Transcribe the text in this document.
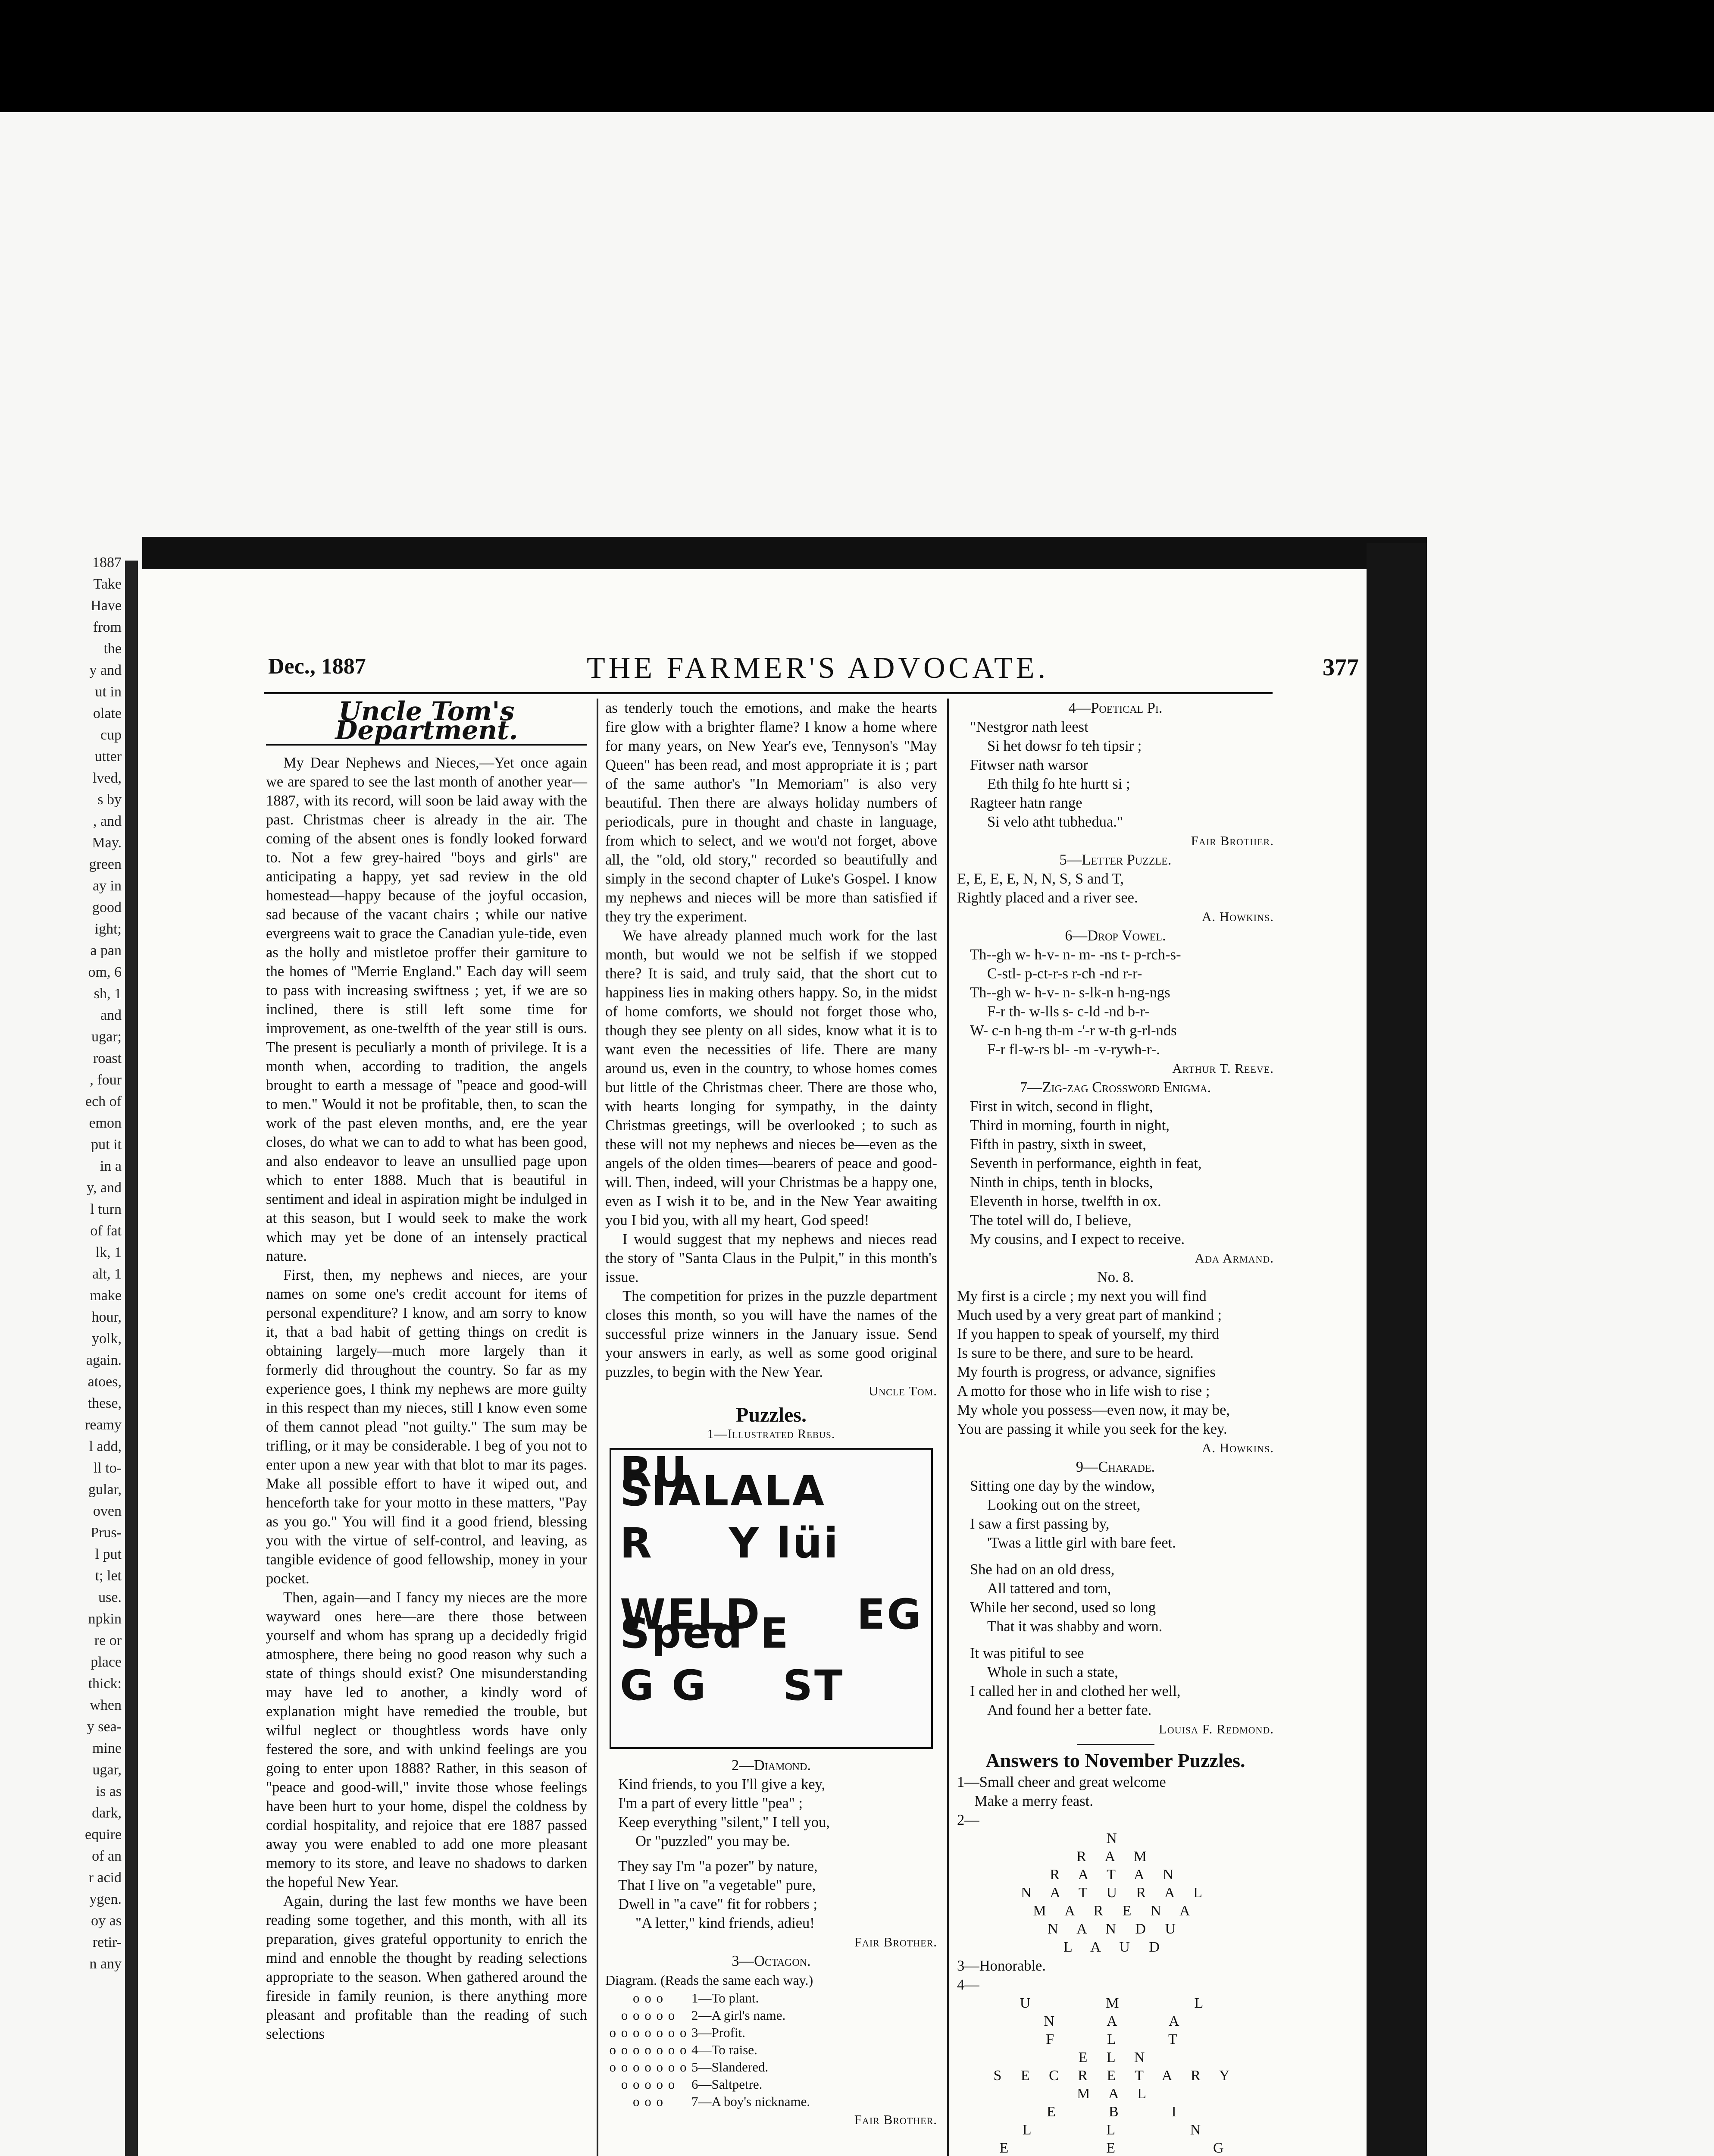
1887
Take
Have
from
the
y and
ut in
olate
cup
utter
lved,
s by
, and
May.
green
ay in
good
ight;
a pan
om, 6
sh, 1
and
ugar;
roast
, four
ech of
emon
put it
in a
y, and
l turn
of fat
lk, 1
alt, 1
make
hour,
yolk,
again.
atoes,
these,
reamy
l add,
ll to-
gular,
oven
Prus-
l put
t; let
use.
npkin
re or
place
thick:
when
y sea-
mine
ugar,
is as
dark,
equire
of an
r acid
ygen.
oy as
retir-
n any
Dec., 1887	THE FARMER'S ADVOCATE.	377
Uncle Tom's Department.

My Dear Nephews and Nieces,—Yet once again we are spared to see the last month of another year—1887, with its record, will soon be laid away with the past. Christmas cheer is already in the air. The coming of the absent ones is fondly looked forward to. Not a few grey-haired "boys and girls" are anticipating a happy, yet sad review in the old homestead—happy because of the joyful occasion, sad because of the vacant chairs ; while our native evergreens wait to grace the Canadian yule-tide, even as the holly and mistletoe proffer their garniture to the homes of "Merrie England." Each day will seem to pass with increasing swiftness ; yet, if we are so inclined, there is still left some time for improvement, as one-twelfth of the year still is ours. The present is peculiarly a month of privilege. It is a month when, according to tradition, the angels brought to earth a message of "peace and good-will to men." Would it not be profitable, then, to scan the work of the past eleven months, and, ere the year closes, do what we can to add to what has been good, and also endeavor to leave an unsullied page upon which to enter 1888. Much that is beautiful in sentiment and ideal in aspiration might be indulged in at this season, but I would seek to make the work which may yet be done of an intensely practical nature.

First, then, my nephews and nieces, are your names on some one's credit account for items of personal expenditure? I know, and am sorry to know it, that a bad habit of getting things on credit is obtaining largely—much more largely than it formerly did throughout the country. So far as my experience goes, I think my nephews are more guilty in this respect than my nieces, still I know even some of them cannot plead "not guilty." The sum may be trifling, or it may be considerable. I beg of you not to enter upon a new year with that blot to mar its pages. Make all possible effort to have it wiped out, and henceforth take for your motto in these matters, "Pay as you go." You will find it a good friend, blessing you with the virtue of self-control, and leaving, as tangible evidence of good fellowship, money in your pocket.

Then, again—and I fancy my nieces are the more wayward ones here—are there those between yourself and whom has sprang up a decidedly frigid atmosphere, there being no good reason why such a state of things should exist? One misunderstanding may have led to another, a kindly word of explanation might have remedied the trouble, but wilful neglect or thoughtless words have only festered the sore, and with unkind feelings are you going to enter upon 1888? Rather, in this season of "peace and good-will," invite those whose feelings have been hurt to your home, dispel the coldness by cordial hospitality, and rejoice that ere 1887 passed away you were enabled to add one more pleasant memory to its store, and leave no shadows to darken the hopeful New Year.

Again, during the last few months we have been reading some together, and this month, with all its preparation, gives grateful opportunity to enrich the mind and ennoble the thought by reading selections appropriate to the season. When gathered around the fireside in family reunion, is there anything more pleasant and profitable than the reading of such selections

as tenderly touch the emotions, and make the hearts fire glow with a brighter flame? I know a home where for many years, on New Year's eve, Tennyson's "May Queen" has been read, and most appropriate it is ; part of the same author's "In Memoriam" is also very beautiful. Then there are always holiday numbers of periodicals, pure in thought and chaste in language, from which to select, and we wou'd not forget, above all, the "old, old story," recorded so beautifully and simply in the second chapter of Luke's Gospel. I know my nephews and nieces will be more than satisfied if they try the experiment.

We have already planned much work for the last month, but would we not be selfish if we stopped there? It is said, and truly said, that the short cut to happiness lies in making others happy. So, in the midst of home comforts, we should not forget those who, though they see plenty on all sides, know what it is to want even the necessities of life. There are many around us, even in the country, to whose homes comes but little of the Christmas cheer. There are those who, with hearts longing for sympathy, in the dainty Christmas greetings, will be overlooked ; to such as these will not my nephews and nieces be—even as the angels of the olden times—bearers of peace and good-will. Then, indeed, will your Christmas be a happy one, even as I wish it to be, and in the New Year awaiting you I bid you, with all my heart, God speed!

I would suggest that my nephews and nieces read the story of "Santa Claus in the Pulpit," in this month's issue.

The competition for prizes in the puzzle department closes this month, so you will have the names of the successful prize winners in the January issue. Send your answers in early, as well as some good original puzzles, to begin with the New Year.

Uncle Tom.
Puzzles.
1—Illustrated Rebus.
RU   SIALALA
R   Y lüi
WELD EG Sped E
G G   ST
2—Diamond.
Kind friends, to you I'll give a key,
I'm a part of every little "pea" ;
Keep everything "silent," I tell you,
Or "puzzled" you may be.
They say I'm "a pozer" by nature,
That I live on "a vegetable" pure,
Dwell in "a cave" fit for robbers ;
"A letter," kind friends, adieu!
Fair Brother.
3—Octagon.
Diagram. (Reads the same each way.)
o o o	1—To plant.
o o o o o	2—A girl's name.
o o o o o o o 3—Profit.
o o o o o o o 4—To raise.
o o o o o o o 5—Slandered.
o o o o o	6—Saltpetre.
o o o	7—A boy's nickname.
Fair Brother.
4—Poetical Pi.
"Nestgror nath leest
Si het dowsr fo teh tipsir ;
Fitwser nath warsor
Eth thilg fo hte hurtt si ;
Ragteer hatn range
Si velo atht tubhedua."
Fair Brother.
5—Letter Puzzle.
E, E, E, E, N, N, S, S and T,
Rightly placed and a river see.
A. Howkins.
6—Drop Vowel.
Th--gh w- h-v- n- m- -ns t- p-rch-s-
C-stl- p-ct-r-s r-ch -nd r-r-
Th--gh w- h-v- n- s-lk-n h-ng-ngs
F-r th- w-lls s- c-ld -nd b-r-
W- c-n h-ng th-m -'-r w-th g-rl-nds
F-r fl-w-rs bl- -m -v-rywh-r-.
Arthur T. Reeve.
7—Zig-zag Crossword Enigma.
First in witch, second in flight,
Third in morning, fourth in night,
Fifth in pastry, sixth in sweet,
Seventh in performance, eighth in feat,
Ninth in chips, tenth in blocks,
Eleventh in horse, twelfth in ox.
The totel will do, I believe,
My cousins, and I expect to receive.
Ada Armand.
No. 8.
My first is a circle ; my next you will find
Much used by a very great part of mankind ;
If you happen to speak of yourself, my third
Is sure to be there, and sure to be heard.
My fourth is progress, or advance, signifies
A motto for those who in life wish to rise ;
My whole you possess—even now, it may be,
You are passing it while you seek for the key.
A. Howkins.
9—Charade.
Sitting one day by the window,
Looking out on the street,
I saw a first passing by,
'Twas a little girl with bare feet.
She had on an old dress,
All tattered and torn,
While her second, used so long
That it was shabby and worn.
It was pitiful to see
Whole in such a state,
I called her in and clothed her well,
And found her a better fate.
Louisa F. Redmond.
Answers to November Puzzles.
1—Small cheer and great welcome
Make a merry feast.
2—
N
R A M
R A T A N
N A T U R A L
M A R E N A
N A N D U
L A U D
3—Honorable.
4—
U    M    L
N   A   A
F   L   T
E L N
S E C R E T A R Y
M A L
E   B   I
L    L    N
E     E     G
